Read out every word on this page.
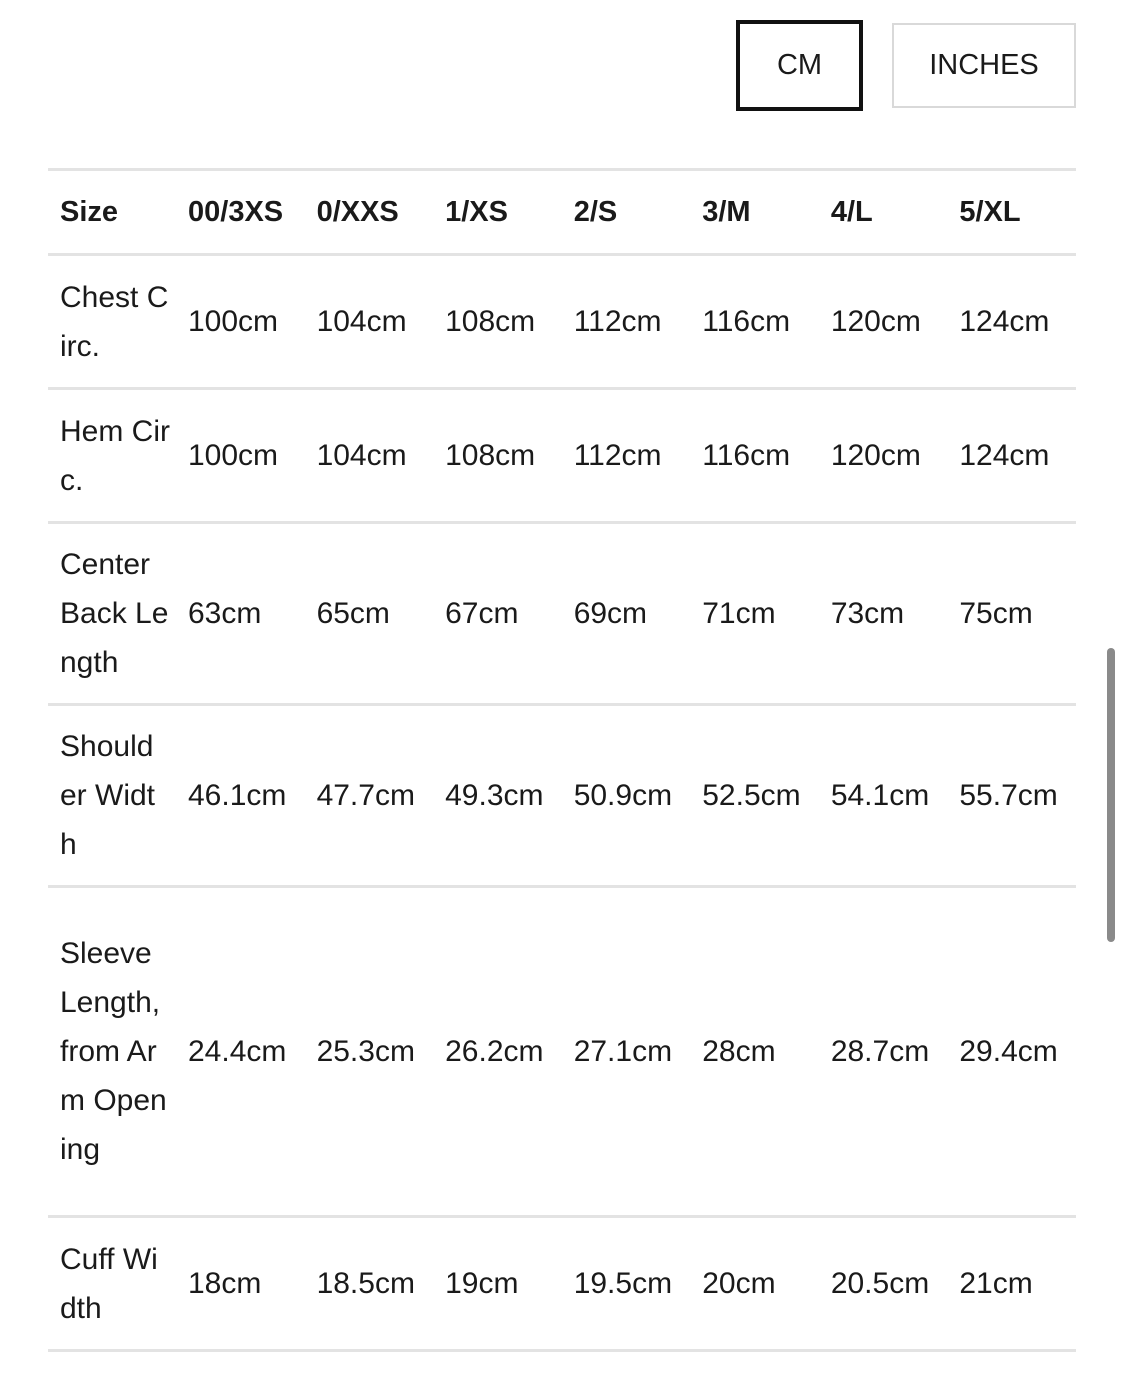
CM	INCHES
Size	00/3XS	0/XXS	1/XS	2/S	3/M	4/L	5/XL
Chest Circ.	100cm	104cm	108cm	112cm	116cm	120cm	124cm
Hem Circ.	100cm	104cm	108cm	112cm	116cm	120cm	124cm
Center Back Length	63cm	65cm	67cm	69cm	71cm	73cm	75cm
Shoulder Width	46.1cm	47.7cm	49.3cm	50.9cm	52.5cm	54.1cm	55.7cm
Sleeve Length, from Arm Opening	24.4cm	25.3cm	26.2cm	27.1cm	28cm	28.7cm	29.4cm
Cuff Width	18cm	18.5cm	19cm	19.5cm	20cm	20.5cm	21cm
